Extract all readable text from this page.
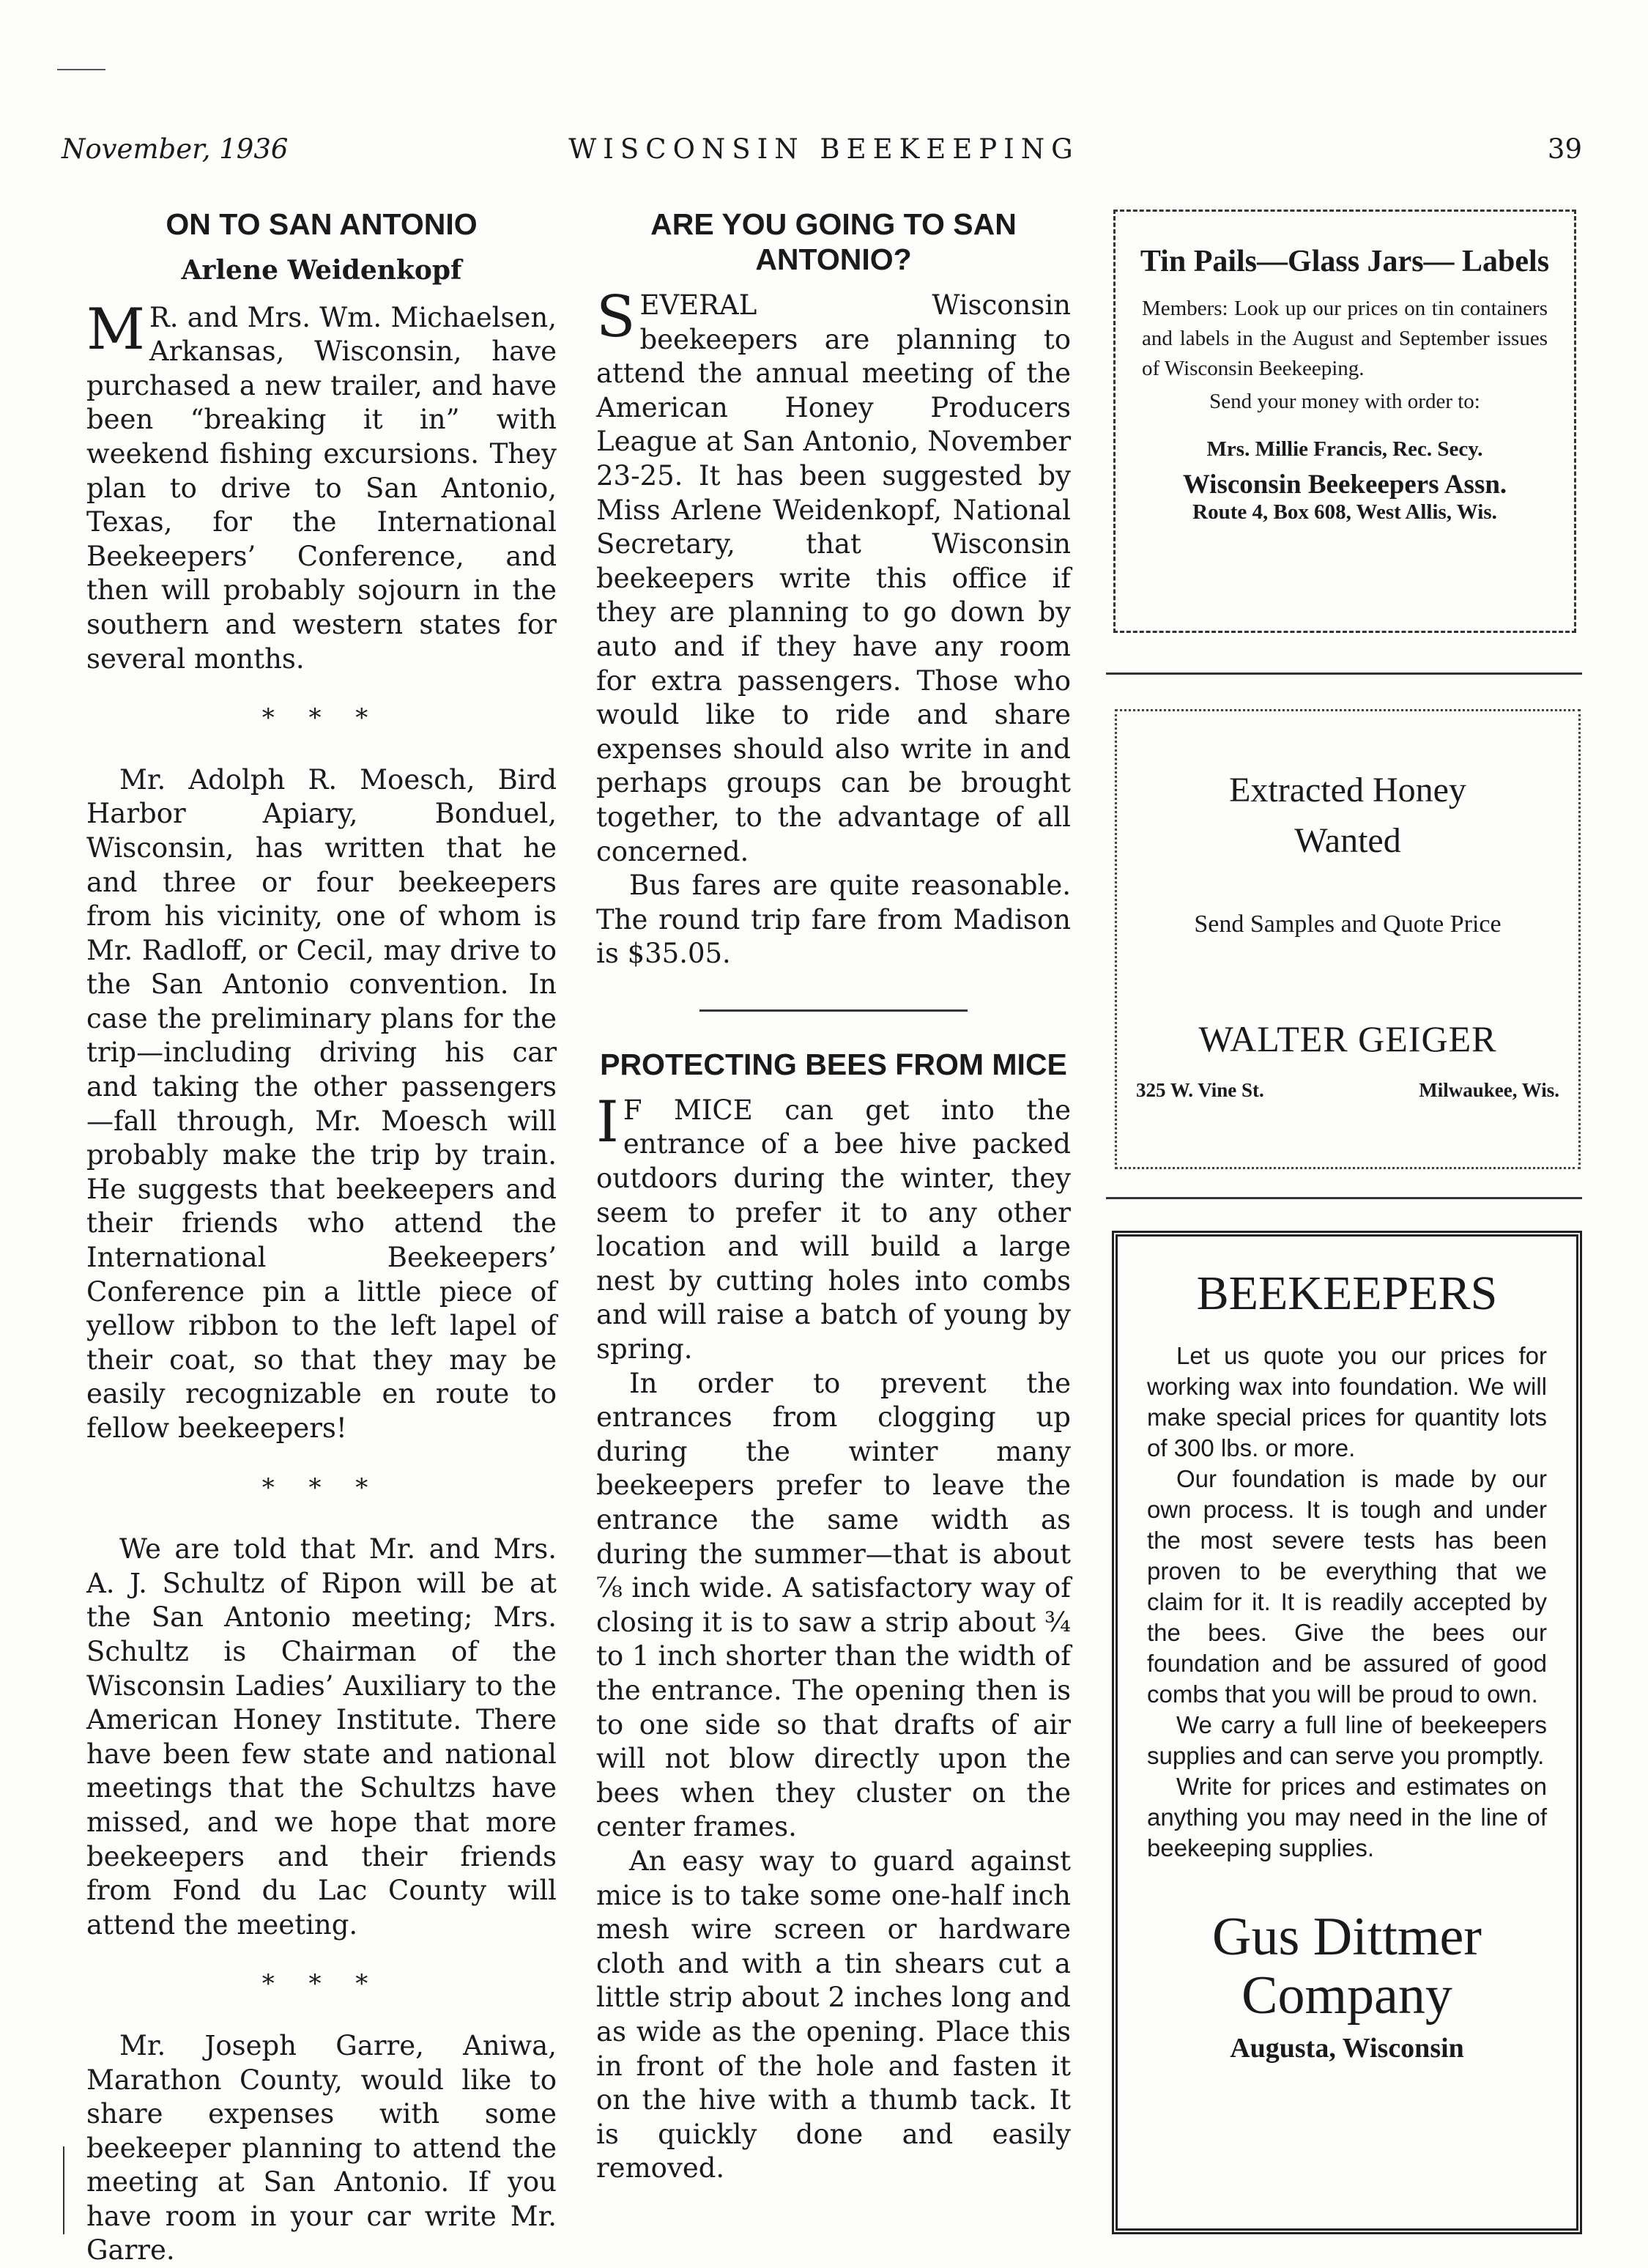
November, 1936	WISCONSIN BEEKEEPING	39
ON TO SAN ANTONIO
Arlene Weidenkopf

M R. and Mrs. Wm. Michaelsen, Arkansas, Wisconsin, have purchased a new trailer, and have been “breaking it in” with weekend fishing excursions. They plan to drive to San Antonio, Texas, for the International Beekeepers’ Conference, and then will probably sojourn in the southern and western states for several months.

* * *

Mr. Adolph R. Moesch, Bird Harbor Apiary, Bonduel, Wisconsin, has written that he and three or four beekeepers from his vicinity, one of whom is Mr. Radloff, or Cecil, may drive to the San Antonio convention. In case the preliminary plans for the trip—including driving his car and taking the other passengers—fall through, Mr. Moesch will probably make the trip by train. He suggests that beekeepers and their friends who attend the International Beekeepers’ Conference pin a little piece of yellow ribbon to the left lapel of their coat, so that they may be easily recognizable en route to fellow beekeepers!

* * *

We are told that Mr. and Mrs. A. J. Schultz of Ripon will be at the San Antonio meeting; Mrs. Schultz is Chairman of the Wisconsin Ladies’ Auxiliary to the American Honey Institute. There have been few state and national meetings that the Schultzs have missed, and we hope that more beekeepers and their friends from Fond du Lac County will attend the meeting.

* * *

Mr. Joseph Garre, Aniwa, Marathon County, would like to share expenses with some beekeeper planning to attend the meeting at San Antonio. If you have room in your car write Mr. Garre.

ARE YOU GOING TO SAN ANTONIO?

SEVERAL Wisconsin beekeepers are planning to attend the annual meeting of the American Honey Producers League at San Antonio, November 23-25. It has been suggested by Miss Arlene Weidenkopf, National Secretary, that Wisconsin beekeepers write this office if they are planning to go down by auto and if they have any room for extra passengers. Those who would like to ride and share expenses should also write in and perhaps groups can be brought together, to the advantage of all concerned.

Bus fares are quite reasonable. The round trip fare from Madison is $35.05.

PROTECTING BEES FROM MICE

I F MICE can get into the entrance of a bee hive packed outdoors during the winter, they seem to prefer it to any other location and will build a large nest by cutting holes into combs and will raise a batch of young by spring.

In order to prevent the entrances from clogging up during the winter many beekeepers prefer to leave the entrance the same width as during the summer—that is about ⅞ inch wide. A satisfactory way of closing it is to saw a strip about ¾ to 1 inch shorter than the width of the entrance. The opening then is to one side so that drafts of air will not blow directly upon the bees when they cluster on the center frames.

An easy way to guard against mice is to take some one-half inch mesh wire screen or hardware cloth and with a tin shears cut a little strip about 2 inches long and as wide as the opening. Place this in front of the hole and fasten it on the hive with a thumb tack. It is quickly done and easily removed.

Tin Pails—Glass Jars— Labels
Members: Look up our prices on tin containers and labels in the August and September issues of Wisconsin Beekeeping.
Send your money with order to:
Mrs. Millie Francis, Rec. Secy.
Wisconsin Beekeepers Assn.
Route 4, Box 608, West Allis, Wis.
Extracted Honey
Wanted
Send Samples and Quote Price
WALTER GEIGER
325 W. Vine St.	Milwaukee, Wis.
BEEKEEPERS

Let us quote you our prices for working wax into foundation. We will make special prices for quantity lots of 300 lbs. or more.

Our foundation is made by our own process. It is tough and under the most severe tests has been proven to be everything that we claim for it. It is readily accepted by the bees. Give the bees our foundation and be assured of good combs that you will be proud to own.

We carry a full line of beekeepers supplies and can serve you promptly.

Write for prices and estimates on anything you may need in the line of beekeeping supplies.

Gus Dittmer Company
Augusta, Wisconsin
